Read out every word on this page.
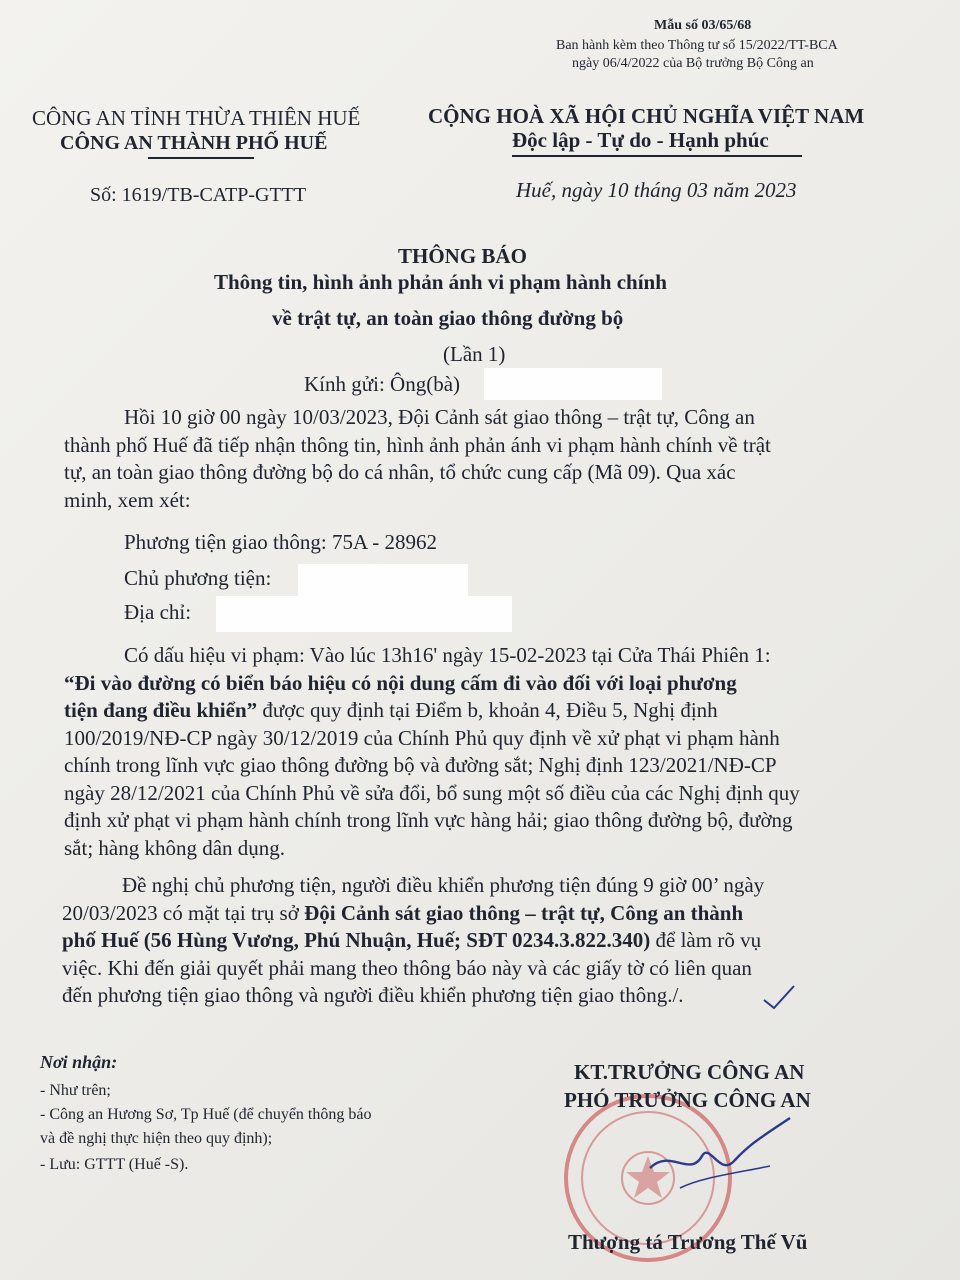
Mẫu số 03/65/68
Ban hành kèm theo Thông tư số 15/2022/TT-BCA
ngày 06/4/2022 của Bộ trưởng Bộ Công an
CÔNG AN TỈNH THỪA THIÊN HUẾ
CÔNG AN THÀNH PHỐ HUẾ
Số: 1619/TB-CATP-GTTT
CỘNG HOÀ XÃ HỘI CHỦ NGHĨA VIỆT NAM
Độc lập - Tự do - Hạnh phúc
Huế, ngày 10 tháng 03 năm 2023
THÔNG BÁO
Thông tin, hình ảnh phản ánh vi phạm hành chính
về trật tự, an toàn giao thông đường bộ
(Lần 1)
Kính gửi: Ông(bà)
Hồi 10 giờ 00 ngày 10/03/2023, Đội Cảnh sát giao thông – trật tự, Công an
thành phố Huế đã tiếp nhận thông tin, hình ảnh phản ánh vi phạm hành chính về trật
tự, an toàn giao thông đường bộ do cá nhân, tổ chức cung cấp (Mã 09). Qua xác
minh, xem xét:
Phương tiện giao thông: 75A - 28962
Chủ phương tiện:
Địa chỉ:
Có dấu hiệu vi phạm: Vào lúc 13h16' ngày 15-02-2023 tại Cửa Thái Phiên 1:
“Đi vào đường có biển báo hiệu có nội dung cấm đi vào đối với loại phương
tiện đang điều khiển” được quy định tại Điểm b, khoản 4, Điều 5, Nghị định
100/2019/NĐ-CP ngày 30/12/2019 của Chính Phủ quy định về xử phạt vi phạm hành
chính trong lĩnh vực giao thông đường bộ và đường sắt; Nghị định 123/2021/NĐ-CP
ngày 28/12/2021 của Chính Phủ về sửa đổi, bổ sung một số điều của các Nghị định quy
định xử phạt vi phạm hành chính trong lĩnh vực hàng hải; giao thông đường bộ, đường
sắt; hàng không dân dụng.
Đề nghị chủ phương tiện, người điều khiển phương tiện đúng 9 giờ 00’ ngày
20/03/2023 có mặt tại trụ sở Đội Cảnh sát giao thông – trật tự, Công an thành
phố Huế (56 Hùng Vương, Phú Nhuận, Huế; SĐT 0234.3.822.340) để làm rõ vụ
việc. Khi đến giải quyết phải mang theo thông báo này và các giấy tờ có liên quan
đến phương tiện giao thông và người điều khiển phương tiện giao thông./.
Nơi nhận:
- Như trên;
- Công an Hương Sơ, Tp Huế (để chuyển thông báo
và đề nghị thực hiện theo quy định);
- Lưu: GTTT (Huế -S).
KT.TRƯỞNG CÔNG AN
PHÓ TRƯỞNG CÔNG AN
Thượng tá Trương Thế Vũ
